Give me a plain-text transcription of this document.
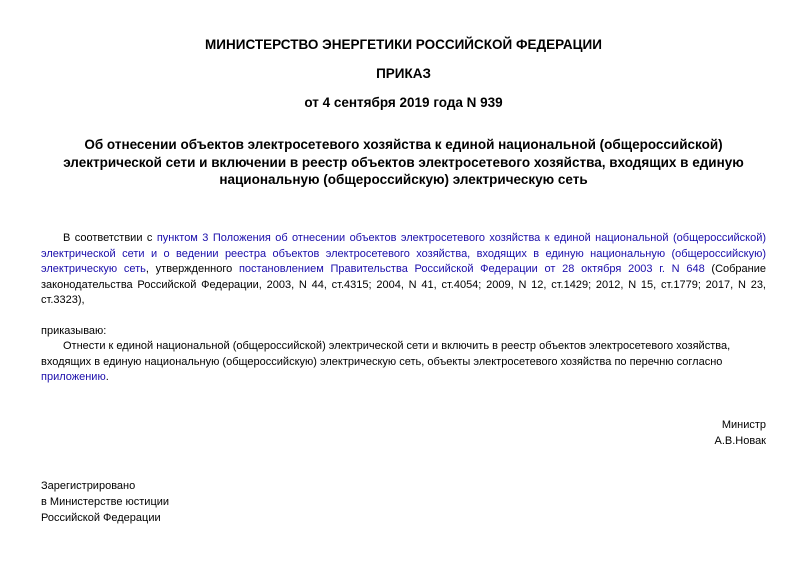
МИНИСТЕРСТВО ЭНЕРГЕТИКИ РОССИЙСКОЙ ФЕДЕРАЦИИ

ПРИКАЗ

от 4 сентября 2019 года N 939

Об отнесении объектов электросетевого хозяйства к единой национальной (общероссийской) электрической сети и включении в реестр объектов электросетевого хозяйства, входящих в единую национальную (общероссийскую) электрическую сеть

В соответствии с пунктом 3 Положения об отнесении объектов электросетевого хозяйства к единой национальной (общероссийской) электрической сети и о ведении реестра объектов электросетевого хозяйства, входящих в единую национальную (общероссийскую) электрическую сеть, утвержденного постановлением Правительства Российской Федерации от 28 октября 2003 г. N 648 (Собрание законодательства Российской Федерации, 2003, N 44, ст.4315; 2004, N 41, ст.4054; 2009, N 12, ст.1429; 2012, N 15, ст.1779; 2017, N 23, ст.3323),

приказываю:

Отнести к единой национальной (общероссийской) электрической сети и включить в реестр объектов электросетевого хозяйства, входящих в единую национальную (общероссийскую) электрическую сеть, объекты электросетевого хозяйства по перечню согласно приложению.

Министр
А.В.Новак
Зарегистрировано
в Министерстве юстиции
Российской Федерации
